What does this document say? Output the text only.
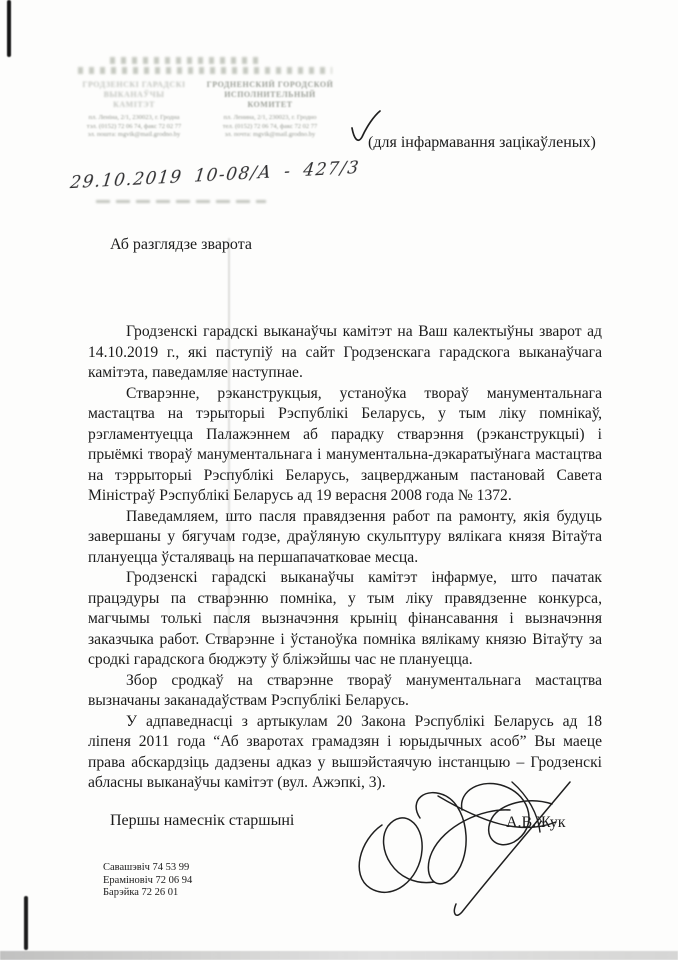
ГРОДЗЕНСКІ ГАРАДСКІ
ВЫКАНАЎЧЫ
КАМІТЭТ
пл. Леніна, 2/1, 230023, г. Гродна
тэл. (0152) 72 06 74, факс 72 02 77
эл. пошта: mgvik@mail.grodno.by
ГРОДНЕНСКИЙ ГОРОДСКОЙ
ИСПОЛНИТЕЛЬНЫЙ
КОМИТЕТ
пл. Ленина, 2/1, 230023, г. Гродно
тел. (0152) 72 06 74, факс 72 02 77
эл. почта: mgvik@mail.grodno.by
29.10.2019 10-08/А - 427/3
(для інфармавання зацікаўленых)
Аб разглядзе зварота

Гродзенскі гарадскі выканаўчы камітэт на Ваш калектыўны зварот ад 14.10.2019 г., які паступіў на сайт Гродзенскага гарадскога выканаўчага камітэта, паведамляе наступнае.

Стварэнне, рэканструкцыя, устаноўка твораў манументальнага мастацтва на тэрыторыі Рэспублікі Беларусь, у тым ліку помнікаў, рэгламентуецца Палажэннем аб парадку стварэння (рэканструкцыі) і прыёмкі твораў манументальнага і манументальна-дэкаратыўнага мастацтва на тэррыторыі Рэспублікі Беларусь, зацверджаным пастановай Савета Міністраў Рэспублікі Беларусь ад 19 верасня 2008 года № 1372.

Паведамляем, што пасля правядзення работ па рамонту, якія будуць завершаны у бягучам годзе, драўляную скульптуру вялікага князя Вітаўта плануецца ўсталяваць на першапачатковае месца.

Гродзенскі гарадскі выканаўчы камітэт інфармуе, што пачатак працэдуры па стварэнню помніка, у тым ліку правядзенне конкурса, магчымы толькі пасля вызначэння крыніц фінансавання і вызначэння заказчыка работ. Стварэнне і ўстаноўка помніка вялікаму князю Вітаўту за сродкі гарадскога бюджэту ў бліжэйшы час не плануецца.

Збор сродкаў на стварэнне твораў манументальнага мастацтва вызначаны заканадаўствам Рэспублікі Беларусь.

У адпаведнасці з артыкулам 20 Закона Рэспублікі Беларусь ад 18 ліпеня 2011 года “Аб зваротах грамадзян і юрыдычных асоб” Вы маеце права абскардзіць дадзены адказ у вышэйстаячую інстанцыю – Гродзенскі абласны выканаўчы камітэт (вул. Ажэпкі, 3).

Першы намеснік старшыні	А.В.Жук
Савашэвіч 74 53 99
Ерамінoвіч 72 06 94
Барэйка 72 26 01
